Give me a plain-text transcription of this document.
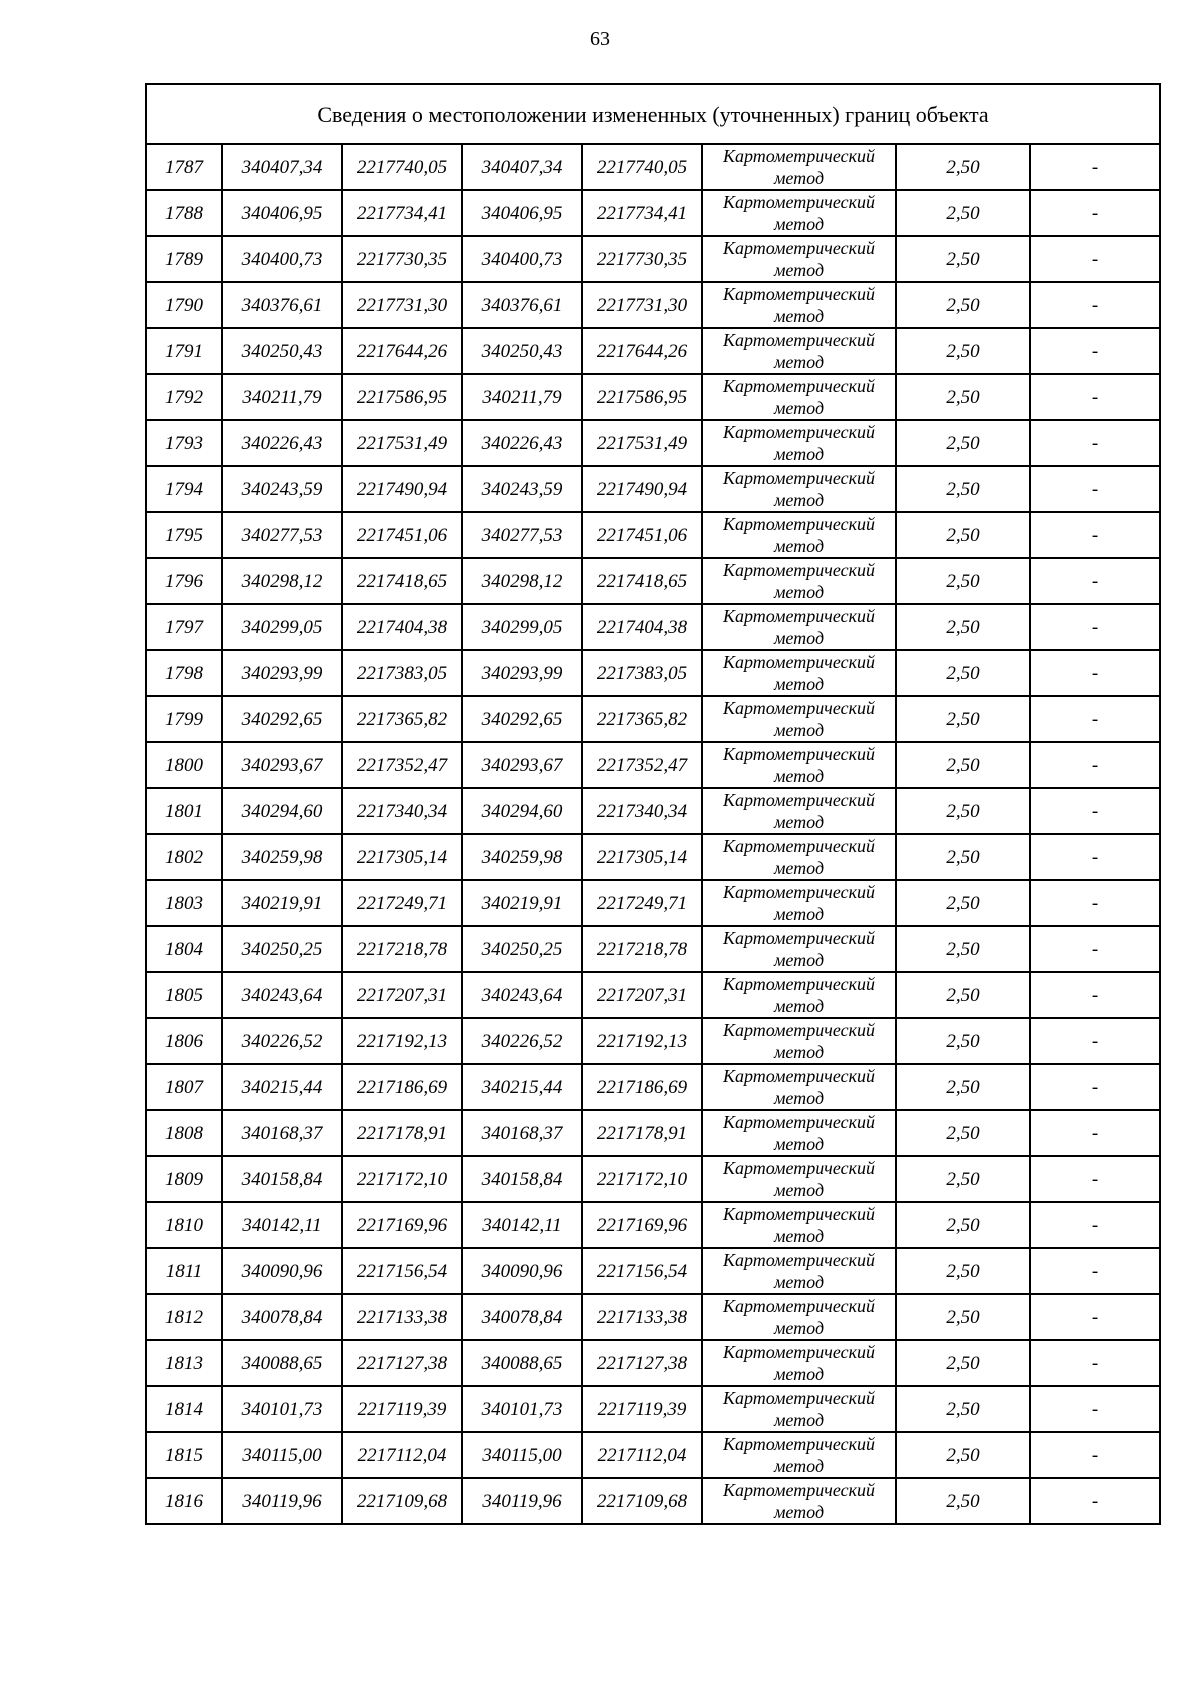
63
Сведения о местоположении измененных (уточненных) границ объекта							
1787	340407,34	2217740,05	340407,34	2217740,05	Картометрический метод	2,50	-
1788	340406,95	2217734,41	340406,95	2217734,41	Картометрический метод	2,50	-
1789	340400,73	2217730,35	340400,73	2217730,35	Картометрический метод	2,50	-
1790	340376,61	2217731,30	340376,61	2217731,30	Картометрический метод	2,50	-
1791	340250,43	2217644,26	340250,43	2217644,26	Картометрический метод	2,50	-
1792	340211,79	2217586,95	340211,79	2217586,95	Картометрический метод	2,50	-
1793	340226,43	2217531,49	340226,43	2217531,49	Картометрический метод	2,50	-
1794	340243,59	2217490,94	340243,59	2217490,94	Картометрический метод	2,50	-
1795	340277,53	2217451,06	340277,53	2217451,06	Картометрический метод	2,50	-
1796	340298,12	2217418,65	340298,12	2217418,65	Картометрический метод	2,50	-
1797	340299,05	2217404,38	340299,05	2217404,38	Картометрический метод	2,50	-
1798	340293,99	2217383,05	340293,99	2217383,05	Картометрический метод	2,50	-
1799	340292,65	2217365,82	340292,65	2217365,82	Картометрический метод	2,50	-
1800	340293,67	2217352,47	340293,67	2217352,47	Картометрический метод	2,50	-
1801	340294,60	2217340,34	340294,60	2217340,34	Картометрический метод	2,50	-
1802	340259,98	2217305,14	340259,98	2217305,14	Картометрический метод	2,50	-
1803	340219,91	2217249,71	340219,91	2217249,71	Картометрический метод	2,50	-
1804	340250,25	2217218,78	340250,25	2217218,78	Картометрический метод	2,50	-
1805	340243,64	2217207,31	340243,64	2217207,31	Картометрический метод	2,50	-
1806	340226,52	2217192,13	340226,52	2217192,13	Картометрический метод	2,50	-
1807	340215,44	2217186,69	340215,44	2217186,69	Картометрический метод	2,50	-
1808	340168,37	2217178,91	340168,37	2217178,91	Картометрический метод	2,50	-
1809	340158,84	2217172,10	340158,84	2217172,10	Картометрический метод	2,50	-
1810	340142,11	2217169,96	340142,11	2217169,96	Картометрический метод	2,50	-
1811	340090,96	2217156,54	340090,96	2217156,54	Картометрический метод	2,50	-
1812	340078,84	2217133,38	340078,84	2217133,38	Картометрический метод	2,50	-
1813	340088,65	2217127,38	340088,65	2217127,38	Картометрический метод	2,50	-
1814	340101,73	2217119,39	340101,73	2217119,39	Картометрический метод	2,50	-
1815	340115,00	2217112,04	340115,00	2217112,04	Картометрический метод	2,50	-
1816	340119,96	2217109,68	340119,96	2217109,68	Картометрический метод	2,50	-
